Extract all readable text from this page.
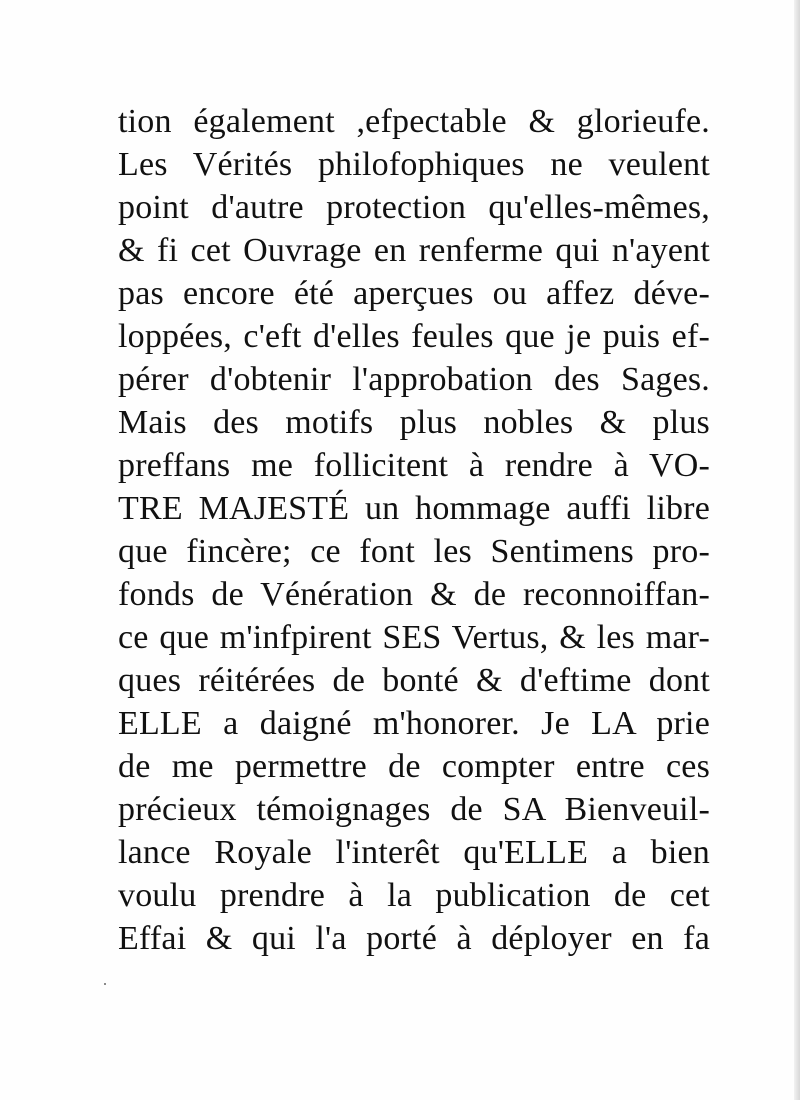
tion également ,efpectable & glorieufe.
Les Vérités philofophiques ne veulent
point d'autre protection qu'elles-mêmes,
& fi cet Ouvrage en renferme qui n'ayent
pas encore été aperçues ou affez déve-
loppées, c'eft d'elles feules que je puis ef-
pérer d'obtenir l'approbation des Sages.
Mais des motifs plus nobles & plus
preffans me follicitent à rendre à VO-
TRE MAJESTÉ un hommage auffi libre
que fincère; ce font les Sentimens pro-
fonds de Vénération & de reconnoiffan-
ce que m'infpirent SES Vertus, & les mar-
ques réitérées de bonté & d'eftime dont
ELLE a daigné m'honorer. Je LA prie
de me permettre de compter entre ces
précieux témoignages de SA Bienveuil-
lance Royale l'interêt qu'ELLE a bien
voulu prendre à la publication de cet
Effai & qui l'a porté à déployer en fa
